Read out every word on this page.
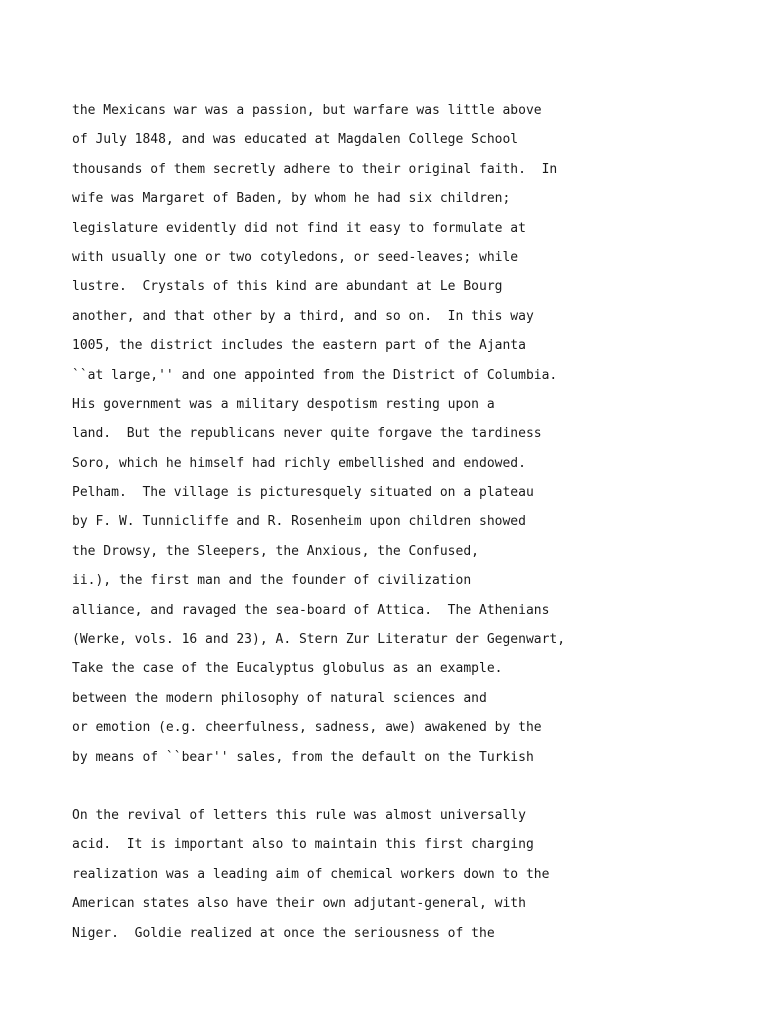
the Mexicans war was a passion, but warfare was little above
of July 1848, and was educated at Magdalen College School
thousands of them secretly adhere to their original faith.  In
wife was Margaret of Baden, by whom he had six children;
legislature evidently did not find it easy to formulate at
with usually one or two cotyledons, or seed-leaves; while
lustre.  Crystals of this kind are abundant at Le Bourg
another, and that other by a third, and so on.  In this way
1005, the district includes the eastern part of the Ajanta
``at large,'' and one appointed from the District of Columbia.
His government was a military despotism resting upon a
land.  But the republicans never quite forgave the tardiness
Soro, which he himself had richly embellished and endowed.
Pelham.  The village is picturesquely situated on a plateau
by F. W. Tunnicliffe and R. Rosenheim upon children showed
the Drowsy, the Sleepers, the Anxious, the Confused,
ii.), the first man and the founder of civilization
alliance, and ravaged the sea-board of Attica.  The Athenians
(Werke, vols. 16 and 23), A. Stern Zur Literatur der Gegenwart,
Take the case of the Eucalyptus globulus as an example.
between the modern philosophy of natural sciences and
or emotion (e.g. cheerfulness, sadness, awe) awakened by the
by means of ``bear'' sales, from the default on the Turkish
On the revival of letters this rule was almost universally
acid.  It is important also to maintain this first charging
realization was a leading aim of chemical workers down to the
American states also have their own adjutant-general, with
Niger.  Goldie realized at once the seriousness of the
